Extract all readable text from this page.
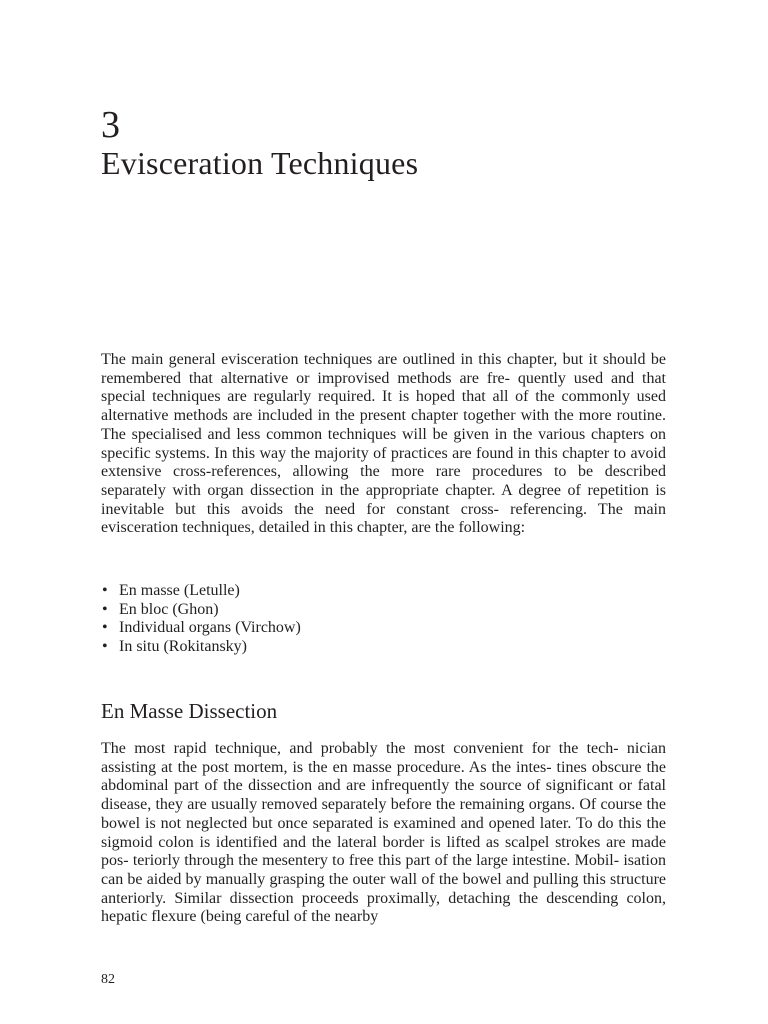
3
Evisceration Techniques

The main general evisceration techniques are outlined in this chapter, but it should be remembered that alternative or improvised methods are fre- quently used and that special techniques are regularly required. It is hoped that all of the commonly used alternative methods are included in the present chapter together with the more routine. The specialised and less common techniques will be given in the various chapters on specific systems. In this way the majority of practices are found in this chapter to avoid extensive cross-references, allowing the more rare procedures to be described separately with organ dissection in the appropriate chapter. A degree of repetition is inevitable but this avoids the need for constant cross- referencing. The main evisceration techniques, detailed in this chapter, are the following:

• En masse (Letulle)
• En bloc (Ghon)
• Individual organs (Virchow)
• In situ (Rokitansky)
En Masse Dissection

The most rapid technique, and probably the most convenient for the tech- nician assisting at the post mortem, is the en masse procedure. As the intes- tines obscure the abdominal part of the dissection and are infrequently the source of significant or fatal disease, they are usually removed separately before the remaining organs. Of course the bowel is not neglected but once separated is examined and opened later. To do this the sigmoid colon is identified and the lateral border is lifted as scalpel strokes are made pos- teriorly through the mesentery to free this part of the large intestine. Mobil- isation can be aided by manually grasping the outer wall of the bowel and pulling this structure anteriorly. Similar dissection proceeds proximally, detaching the descending colon, hepatic flexure (being careful of the nearby

82
